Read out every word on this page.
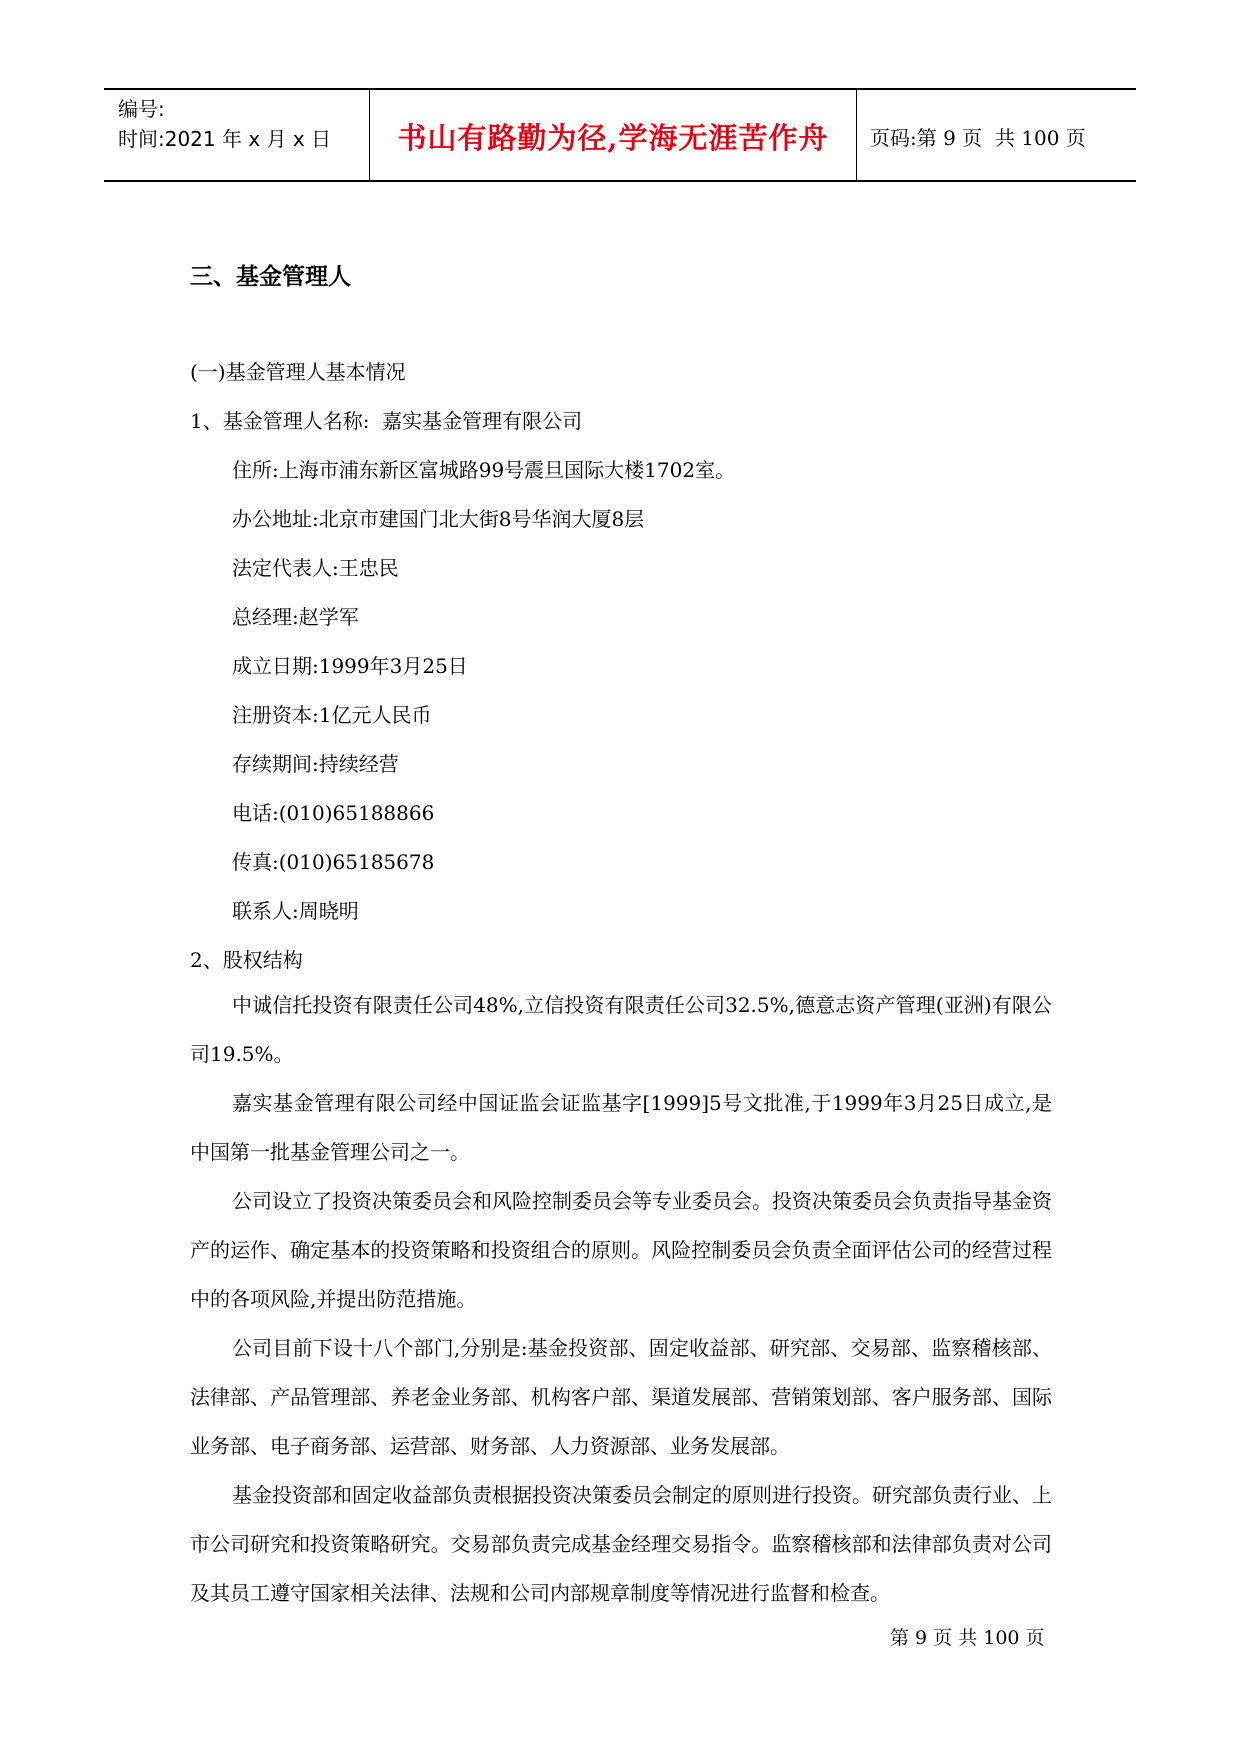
编号:
时间:2021 年 x 月 x 日	书山有路勤为径,学海无涯苦作舟	页码:第 9 页  共 100 页
三、基金管理人
(一)基金管理人基本情况
1、基金管理人名称:  嘉实基金管理有限公司
住所:上海市浦东新区富城路99号震旦国际大楼1702室。
办公地址:北京市建国门北大街8号华润大厦8层
法定代表人:王忠民
总经理:赵学军
成立日期:1999年3月25日
注册资本:1亿元人民币
存续期间:持续经营
电话:(010)65188866
传真:(010)65185678
联系人:周晓明
2、股权结构
中诚信托投资有限责任公司48%,立信投资有限责任公司32.5%,德意志资产管理(亚洲)有限公司19.5%。
嘉实基金管理有限公司经中国证监会证监基字[1999]5号文批准,于1999年3月25日成立,是中国第一批基金管理公司之一。
公司设立了投资决策委员会和风险控制委员会等专业委员会。投资决策委员会负责指导基金资产的运作、确定基本的投资策略和投资组合的原则。风险控制委员会负责全面评估公司的经营过程中的各项风险,并提出防范措施。
公司目前下设十八个部门,分别是:基金投资部、固定收益部、研究部、交易部、监察稽核部、法律部、产品管理部、养老金业务部、机构客户部、渠道发展部、营销策划部、客户服务部、国际业务部、电子商务部、运营部、财务部、人力资源部、业务发展部。
基金投资部和固定收益部负责根据投资决策委员会制定的原则进行投资。研究部负责行业、上市公司研究和投资策略研究。交易部负责完成基金经理交易指令。监察稽核部和法律部负责对公司及其员工遵守国家相关法律、法规和公司内部规章制度等情况进行监督和检查。
第 9 页 共 100 页
